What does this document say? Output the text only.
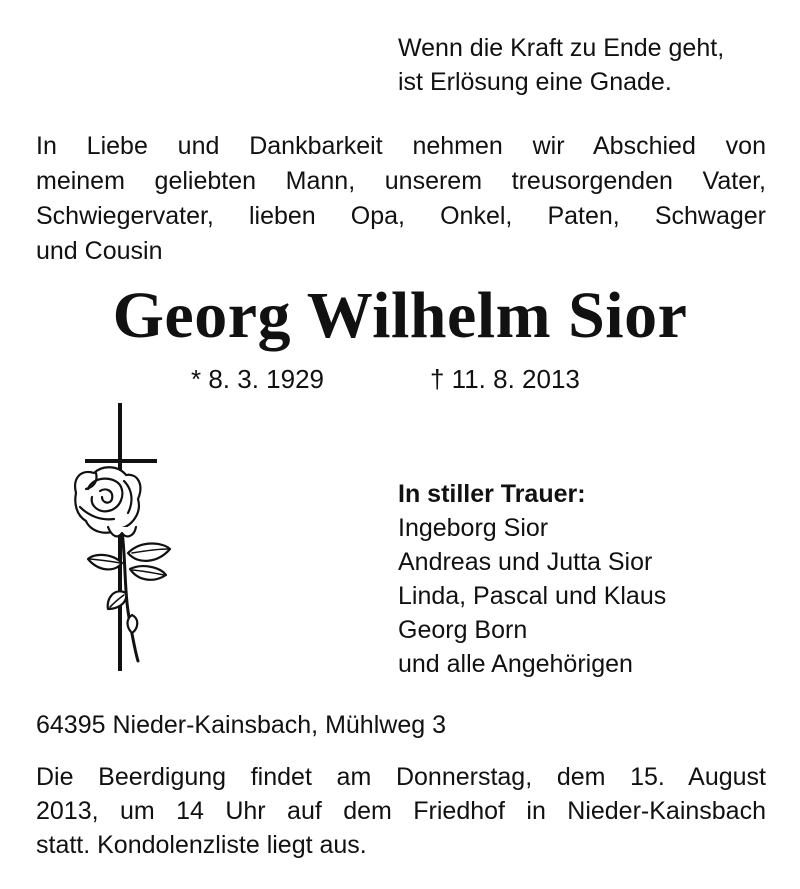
Wenn die Kraft zu Ende geht,
ist Erlösung eine Gnade.
In Liebe und Dankbarkeit nehmen wir Abschied von
meinem geliebten Mann, unserem treusorgenden Vater,
Schwiegervater, lieben Opa, Onkel, Paten, Schwager
und Cousin
Georg Wilhelm Sior
* 8. 3. 1929	† 11. 8. 2013
In stiller Trauer:
Ingeborg Sior
Andreas und Jutta Sior
Linda, Pascal und Klaus
Georg Born
und alle Angehörigen
64395 Nieder-Kainsbach, Mühlweg 3
Die Beerdigung findet am Donnerstag, dem 15. August
2013, um 14 Uhr auf dem Friedhof in Nieder-Kainsbach
statt. Kondolenzliste liegt aus.
